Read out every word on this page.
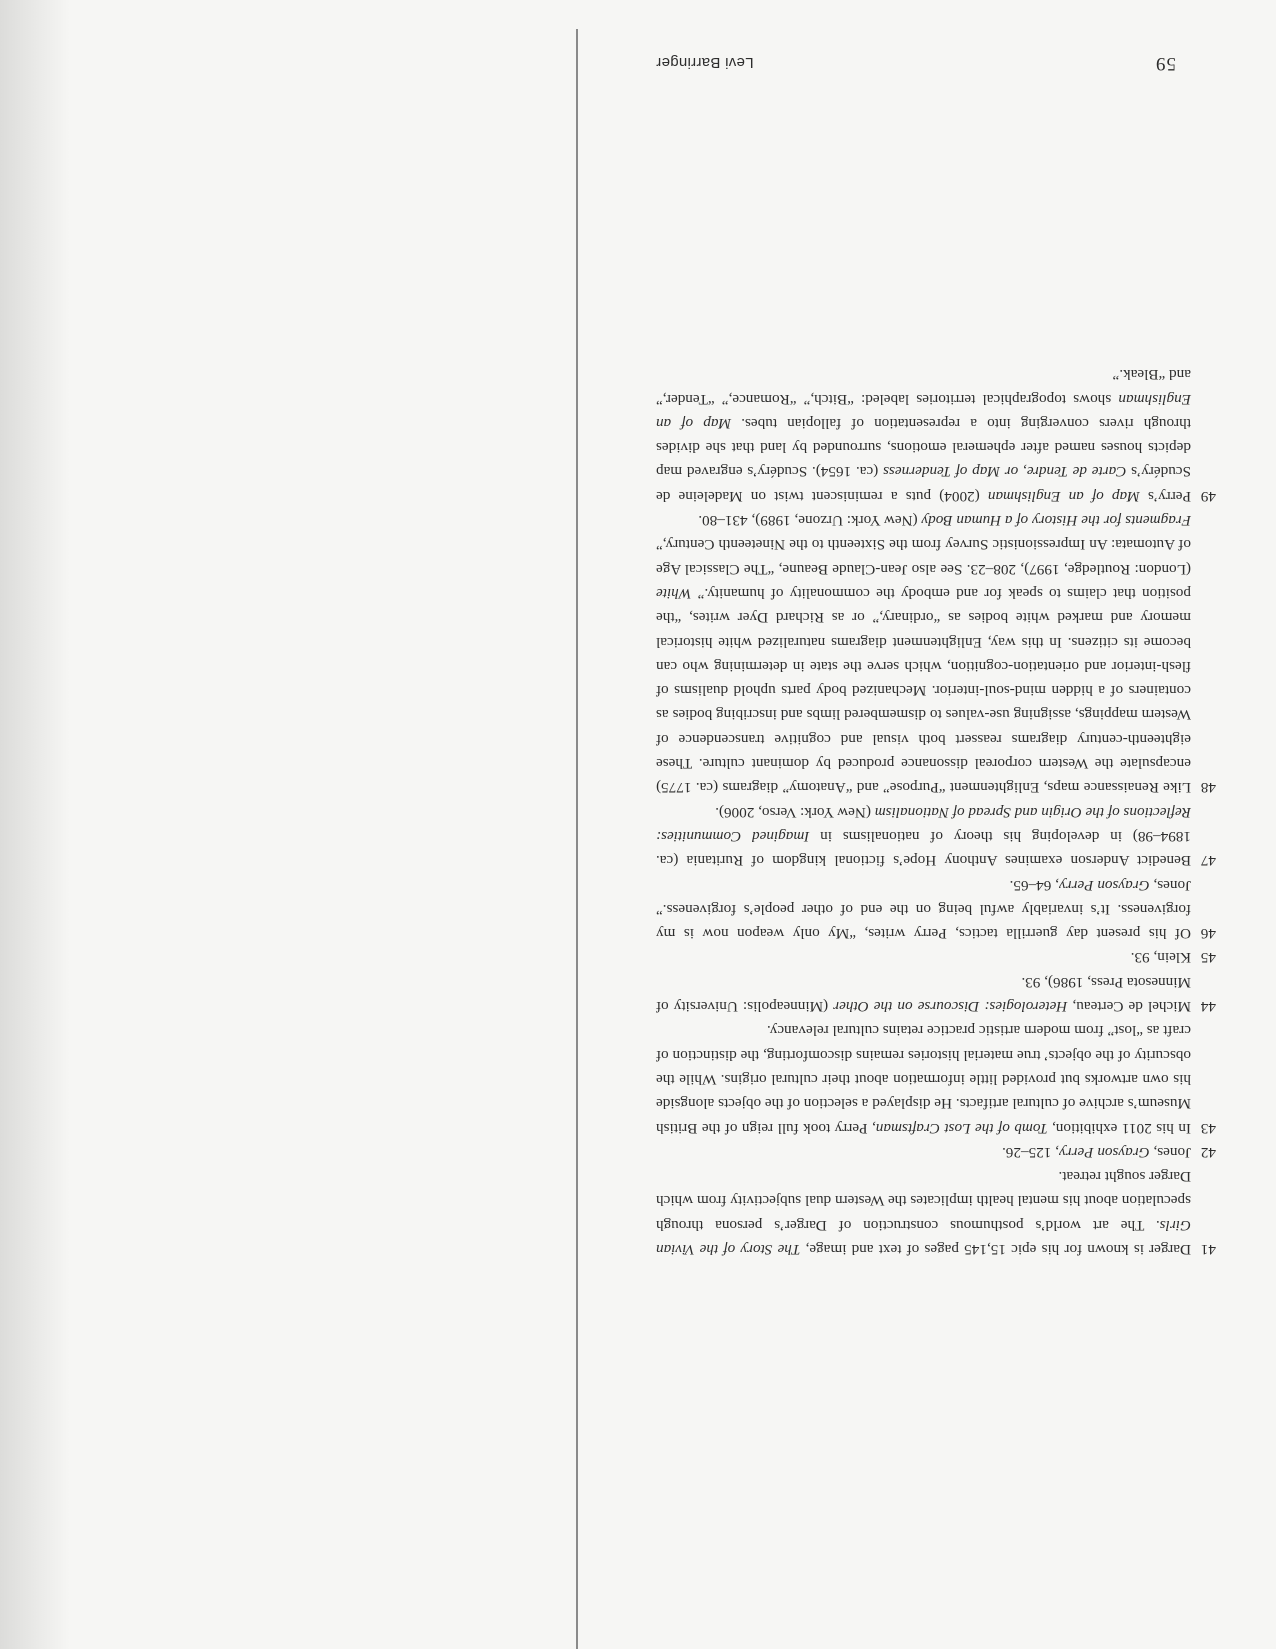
59
Levi Barringer
41
Darger is known for his epic 15,145 pages of text and image, The Story of the Vivian Girls. The art world’s posthumous construction of Darger’s persona through speculation about his mental health implicates the Western dual subjectivity from which Darger sought retreat.
42
Jones, Grayson Perry, 125–26.
43
In his 2011 exhibition, Tomb of the Lost Craftsman, Perry took full reign of the British Museum’s archive of cultural artifacts. He displayed a selection of the objects alongside his own artworks but provided little information about their cultural origins. While the obscurity of the objects’ true material histories remains discomforting, the distinction of craft as “lost” from modern artistic practice retains cultural relevancy.
44
Michel de Certeau, Heterologies: Discourse on the Other (Minneapolis: University of Minnesota Press, 1986), 93.
45
Klein, 93.
46
Of his present day guerrilla tactics, Perry writes, “My only weapon now is my forgiveness. It’s invariably awful being on the end of other people’s forgiveness.” Jones, Grayson Perry, 64–65.
47
Benedict Anderson examines Anthony Hope’s fictional kingdom of Ruritania (ca. 1894–98) in developing his theory of nationalisms in Imagined Communities: Reflections of the Origin and Spread of Nationalism (New York: Verso, 2006).
48
Like Renaissance maps, Enlightenment “Purpose” and “Anatomy” diagrams (ca. 1775) encapsulate the Western corporeal dissonance produced by dominant culture. These eighteenth-century diagrams reassert both visual and cognitive transcendence of Western mappings, assigning use-values to dismembered limbs and inscribing bodies as containers of a hidden mind-soul-interior. Mechanized body parts uphold dualisms of flesh-interior and orientation-cognition, which serve the state in determining who can become its citizens. In this way, Enlightenment diagrams naturalized white historical memory and marked white bodies as “ordinary,” or as Richard Dyer writes, “the position that claims to speak for and embody the commonality of humanity.” White (London: Routledge, 1997), 208–23. See also Jean-Claude Beaune, “The Classical Age of Automata: An Impressionistic Survey from the Sixteenth to the Nineteenth Century,” Fragments for the History of a Human Body (New York: Urzone, 1989), 431–80.
49
Perry’s Map of an Englishman (2004) puts a reminiscent twist on Madeleine de Scudéry’s Carte de Tendre, or Map of Tenderness (ca. 1654). Scudéry’s engraved map depicts houses named after ephemeral emotions, surrounded by land that she divides through rivers converging into a representation of fallopian tubes. Map of an Englishman shows topographical territories labeled: “Bitch,” “Romance,” “Tender,” and “Bleak.”
